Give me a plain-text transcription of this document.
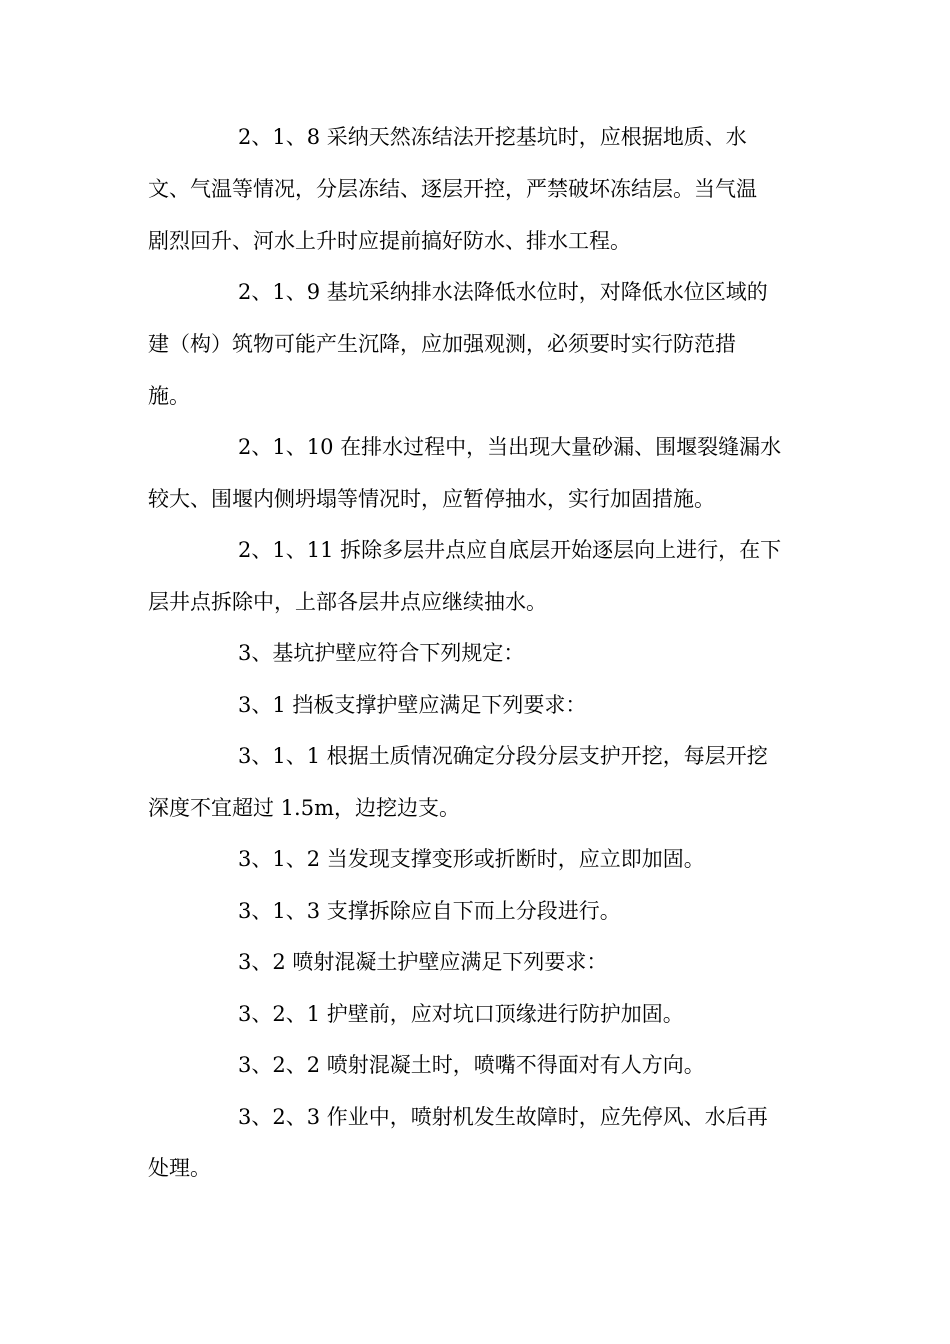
2、1、8 采纳天然冻结法开挖基坑时，应根据地质、水
文、气温等情况，分层冻结、逐层开控，严禁破坏冻结层。当气温
剧烈回升、河水上升时应提前搞好防水、排水工程。
2、1、9 基坑采纳排水法降低水位时，对降低水位区域的
建（构）筑物可能产生沉降，应加强观测，必须要时实行防范措
施。
2、1、10 在排水过程中，当出现大量砂漏、围堰裂缝漏水
较大、围堰内侧坍塌等情况时，应暂停抽水，实行加固措施。
2、1、11 拆除多层井点应自底层开始逐层向上进行，在下
层井点拆除中，上部各层井点应继续抽水。
3、基坑护壁应符合下列规定：
3、1 挡板支撑护壁应满足下列要求：
3、1、1 根据土质情况确定分段分层支护开挖，每层开挖
深度不宜超过 1.5m，边挖边支。
3、1、2 当发现支撑变形或折断时，应立即加固。
3、1、3 支撑拆除应自下而上分段进行。
3、2 喷射混凝土护壁应满足下列要求：
3、2、1 护壁前，应对坑口顶缘进行防护加固。
3、2、2 喷射混凝土时，喷嘴不得面对有人方向。
3、2、3 作业中，喷射机发生故障时，应先停风、水后再
处理。
